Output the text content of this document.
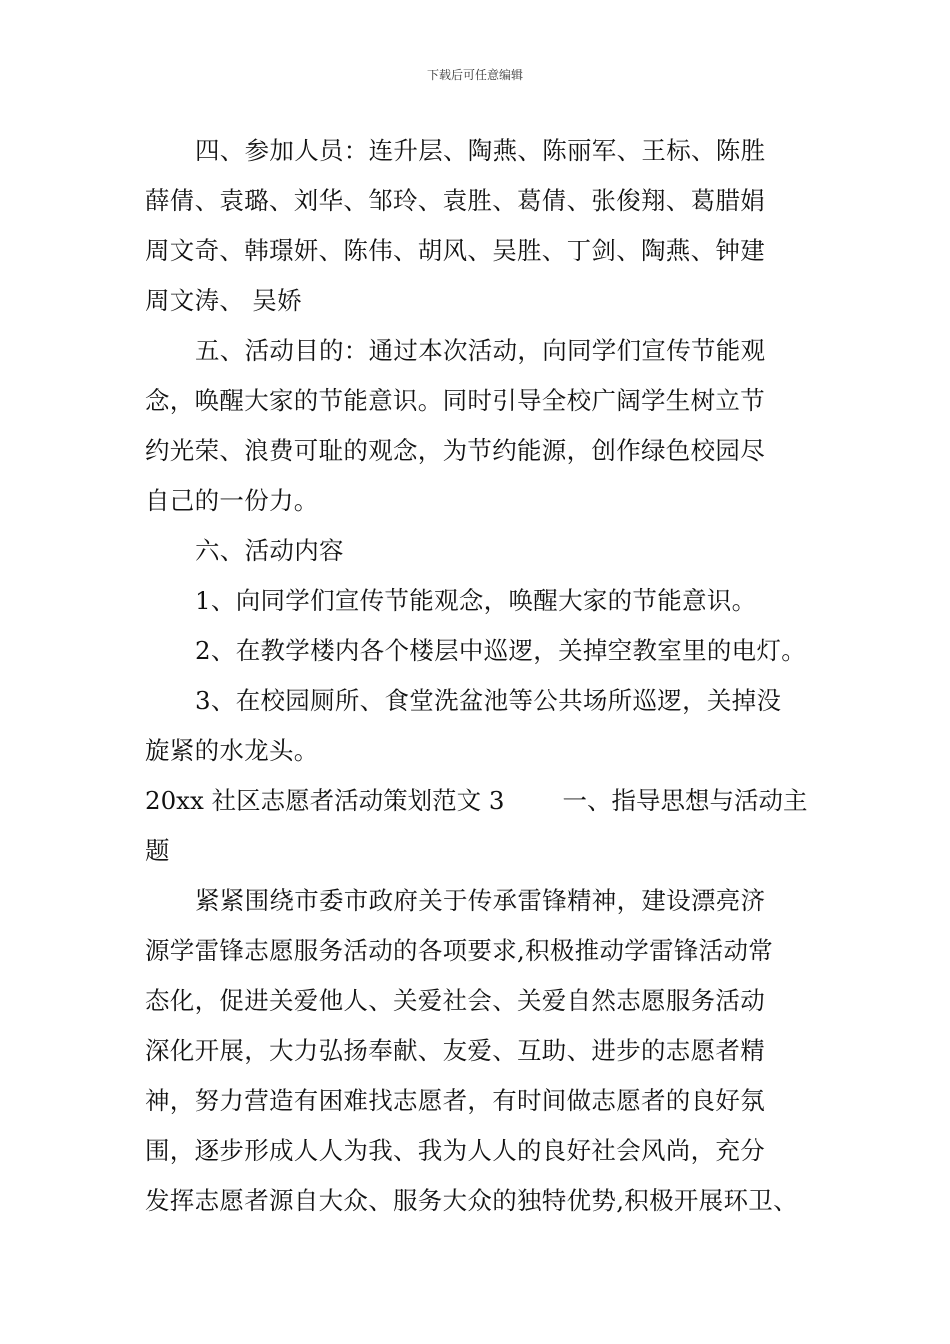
下载后可任意编辑
四、参加人员：连升层、陶燕、陈丽军、王标、陈胜
薛倩、袁璐、刘华、邹玲、袁胜、葛倩、张俊翔、葛腊娟
周文奇、韩璟妍、陈伟、胡风、吴胜、丁剑、陶燕、钟建
周文涛、 吴娇
五、活动目的：通过本次活动，向同学们宣传节能观
念，唤醒大家的节能意识。同时引导全校广阔学生树立节
约光荣、浪费可耻的观念，为节约能源，创作绿色校园尽
自己的一份力。
六、活动内容
1、向同学们宣传节能观念，唤醒大家的节能意识。
2、在教学楼内各个楼层中巡逻，关掉空教室里的电灯。
3、在校园厕所、食堂洗盆池等公共场所巡逻，关掉没
旋紧的水龙头。
20xx 社区志愿者活动策划范文 3 一、指导思想与活动主
题
紧紧围绕市委市政府关于传承雷锋精神，建设漂亮济
源学雷锋志愿服务活动的各项要求,积极推动学雷锋活动常
态化，促进关爱他人、关爱社会、关爱自然志愿服务活动
深化开展，大力弘扬奉献、友爱、互助、进步的志愿者精
神，努力营造有困难找志愿者，有时间做志愿者的良好氛
围，逐步形成人人为我、我为人人的良好社会风尚，充分
发挥志愿者源自大众、服务大众的独特优势,积极开展环卫、
